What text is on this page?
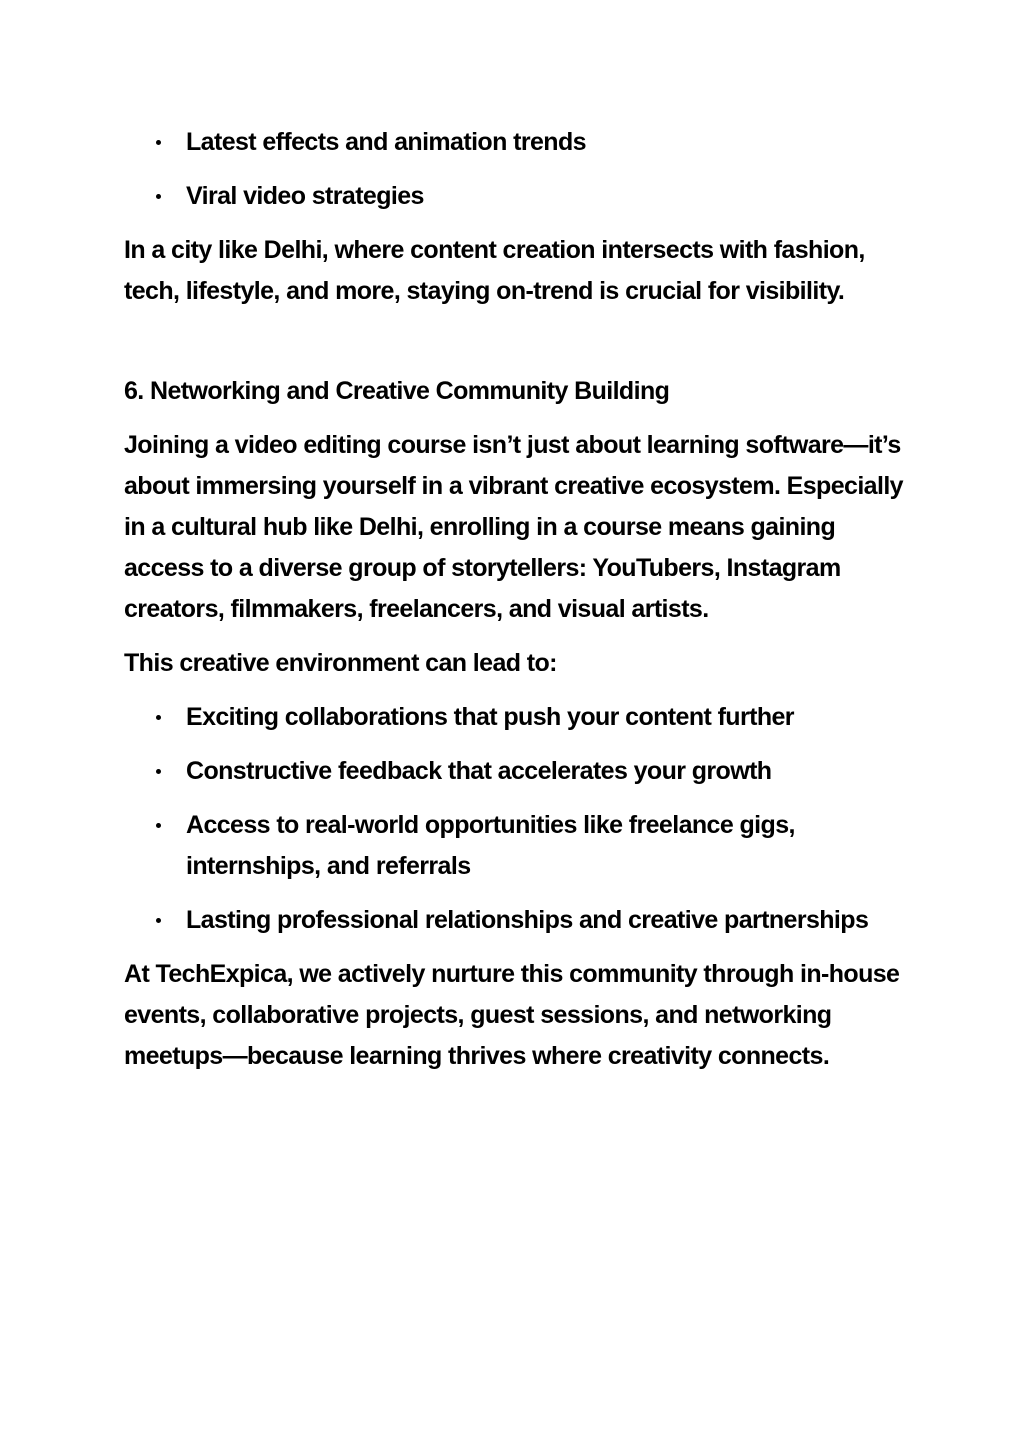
Latest effects and animation trends
Viral video strategies

In a city like Delhi, where content creation intersects with fashion, tech, lifestyle, and more, staying on-trend is crucial for visibility.

6. Networking and Creative Community Building

Joining a video editing course isn’t just about learning software—it’s about immersing yourself in a vibrant creative ecosystem. Especially in a cultural hub like Delhi, enrolling in a course means gaining access to a diverse group of storytellers: YouTubers, Instagram creators, filmmakers, freelancers, and visual artists.

This creative environment can lead to:

Exciting collaborations that push your content further
Constructive feedback that accelerates your growth
Access to real-world opportunities like freelance gigs, internships, and referrals
Lasting professional relationships and creative partnerships

At TechExpica, we actively nurture this community through in-house events, collaborative projects, guest sessions, and networking meetups—because learning thrives where creativity connects.
